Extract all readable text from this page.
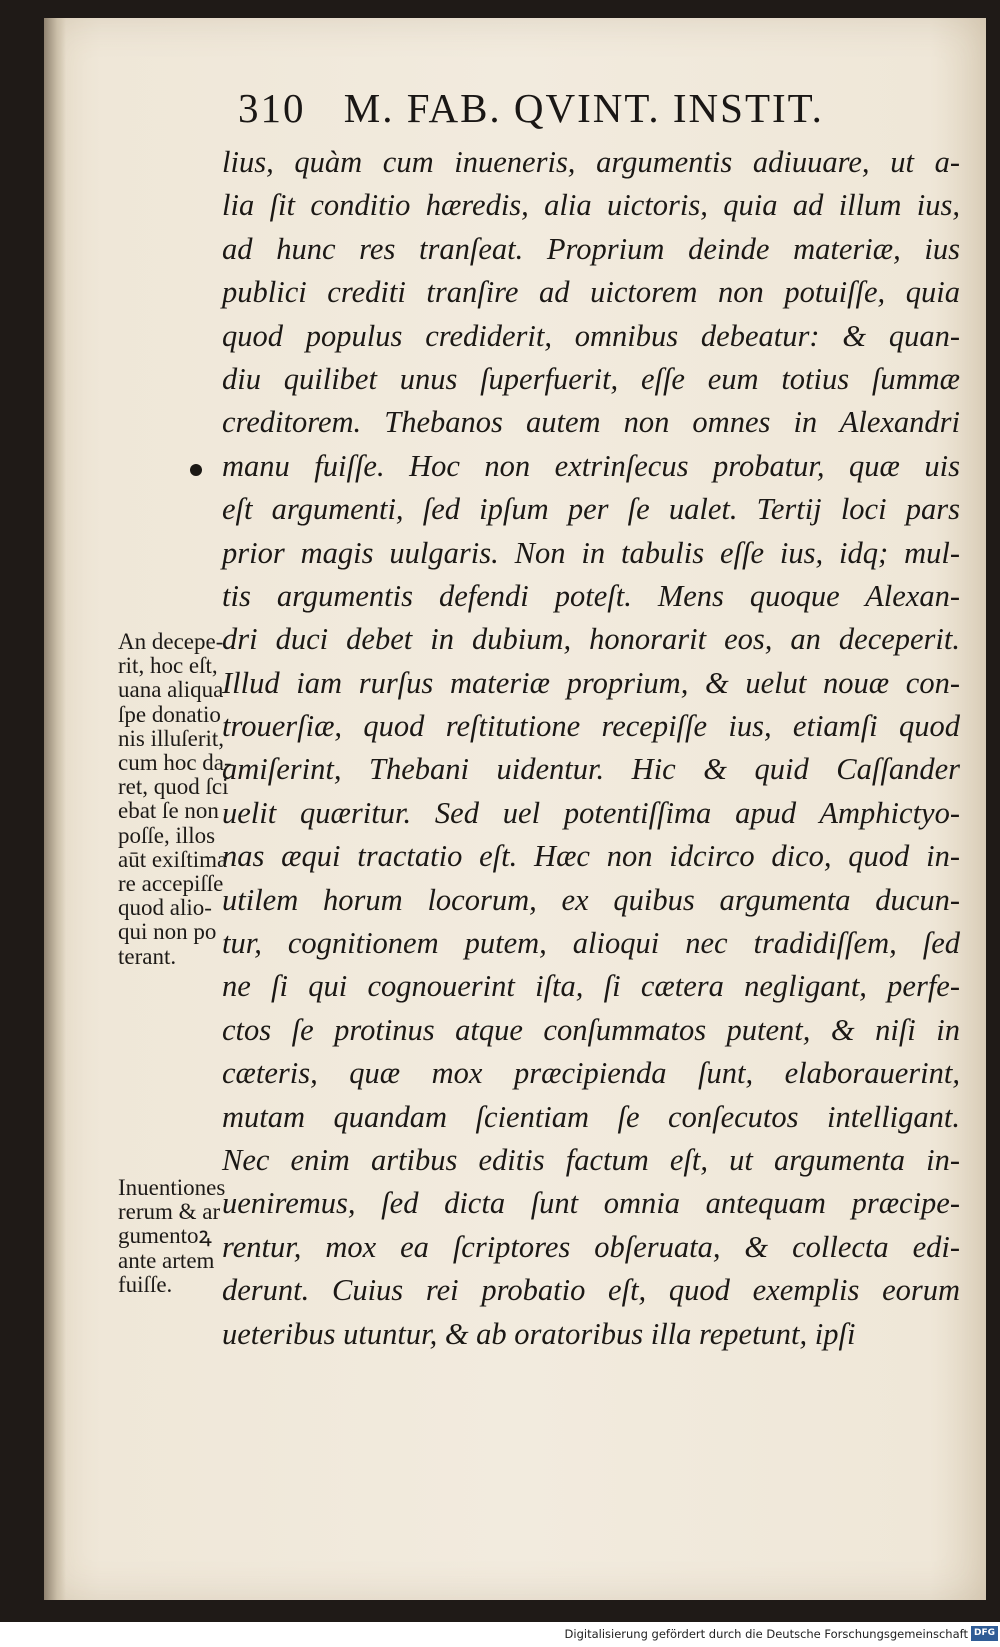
310 M. FAB. QVINT. INSTIT.
lius, quàm cum inueneris, argumentis adiuuare, ut a-
lia ſit conditio hæredis, alia uictoris, quia ad illum ius,
ad hunc res tranſeat. Proprium deinde materiæ, ius
publici crediti tranſire ad uictorem non potuiſſe, quia
quod populus crediderit, omnibus debeatur: & quan-
diu quilibet unus ſuperfuerit, eſſe eum totius ſummæ
creditorem. Thebanos autem non omnes in Alexandri
manu fuiſſe. Hoc non extrinſecus probatur, quæ uis
eſt argumenti, ſed ipſum per ſe ualet. Tertij loci pars
prior magis uulgaris. Non in tabulis eſſe ius, idq; mul-
tis argumentis defendi poteſt. Mens quoque Alexan-
dri duci debet in dubium, honorarit eos, an deceperit.
Illud iam rurſus materiæ proprium, & uelut nouæ con-
trouerſiæ, quod reſtitutione recepiſſe ius, etiamſi quod
amiſerint, Thebani uidentur. Hic & quid Caſſander
uelit quæritur. Sed uel potentiſſima apud Amphictyo-
nas æqui tractatio eſt. Hæc non idcirco dico, quod in-
utilem horum locorum, ex quibus argumenta ducun-
tur, cognitionem putem, alioqui nec tradidiſſem, ſed
ne ſi qui cognouerint iſta, ſi cætera negligant, perfe-
ctos ſe protinus atque conſummatos putent, & niſi in
cæteris, quæ mox præcipienda ſunt, elaborauerint,
mutam quandam ſcientiam ſe conſecutos intelligant.
Nec enim artibus editis factum eſt, ut argumenta in-
ueniremus, ſed dicta ſunt omnia antequam præcipe-
rentur, mox ea ſcriptores obſeruata, & collecta edi-
derunt. Cuius rei probatio eſt, quod exemplis eorum
ueteribus utuntur, & ab oratoribus illa repetunt, ipſi
An decepe-
rit, hoc eſt,
uana aliqua
ſpe donatio
nis illuſerit,
cum hoc da-
ret, quod ſci
ebat ſe non
poſſe, illos
aūt exiſtima
re accepiſſe
quod alio-
qui non po
terant.
Inuentiones
rerum & ar
gumentoꝝ
ante artem
fuiſſe.
Digitalisierung gefördert durch die Deutsche Forschungsgemeinschaft DFG
